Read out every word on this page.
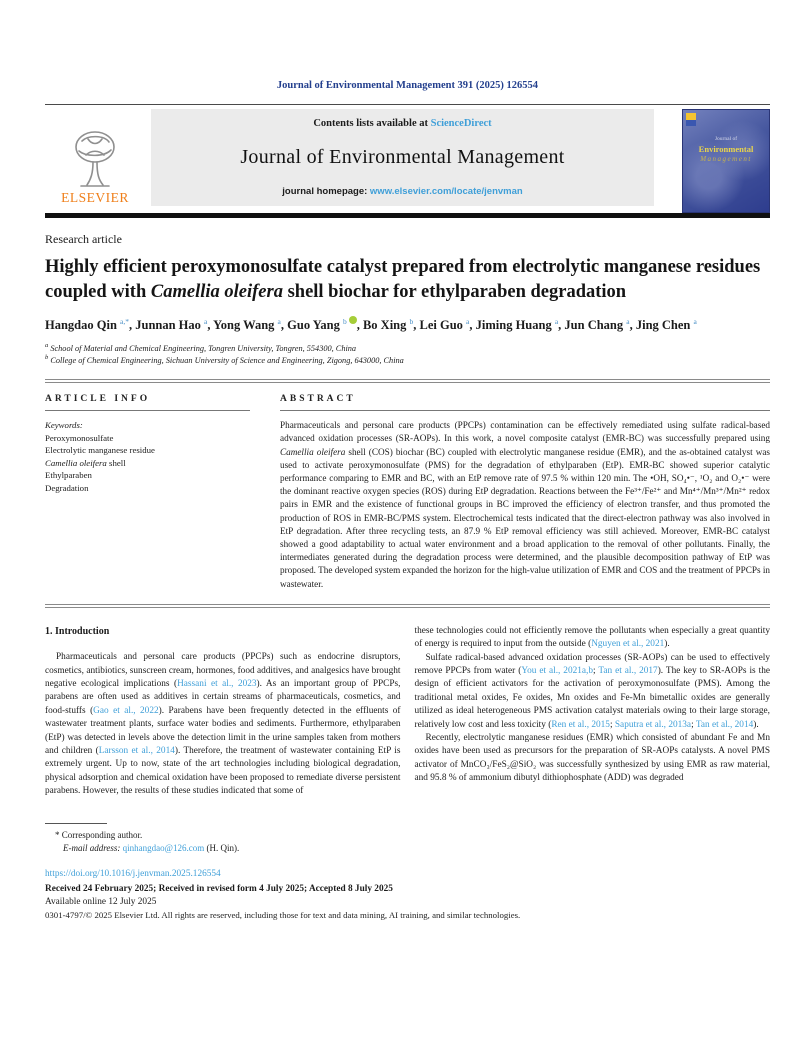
Journal of Environmental Management 391 (2025) 126554
ELSEVIER
Contents lists available at ScienceDirect
Journal of Environmental Management
journal homepage: www.elsevier.com/locate/jenvman
Journal of
Environmental
Management
Research article
Highly efficient peroxymonosulfate catalyst prepared from electrolytic manganese residues coupled with Camellia oleifera shell biochar for ethylparaben degradation
Hangdao Qin $^{a,*}$, Junnan Hao $^a$, Yong Wang $^a$, Guo Yang $^b$ , Bo Xing $^b$, Lei Guo $^a$, Jiming Huang $^a$, Jun Chang $^a$, Jing Chen $^a$
$^a$ School of Material and Chemical Engineering, Tongren University, Tongren, 554300, China
$^b$ College of Chemical Engineering, Sichuan University of Science and Engineering, Zigong, 643000, China
ARTICLE INFO
Keywords:
Peroxymonosulfate
Electrolytic manganese residue
Camellia oleifera shell
Ethylparaben
Degradation
ABSTRACT
Pharmaceuticals and personal care products (PPCPs) contamination can be effectively remediated using sulfate radical-based advanced oxidation processes (SR-AOPs). In this work, a novel composite catalyst (EMR-BC) was successfully prepared using Camellia oleifera shell (COS) biochar (BC) coupled with electrolytic manganese residue (EMR), and the as-obtained catalyst was used to activate peroxymonosulfate (PMS) for the degradation of ethylparaben (EtP). EMR-BC showed superior catalytic performance comparing to EMR and BC, with an EtP remove rate of 97.5 % within 120 min. The •OH, SO₄•⁻, ¹O₂ and O₂•⁻ were the dominant reactive oxygen species (ROS) during EtP degradation. Reactions between the Fe³⁺/Fe²⁺ and Mn⁴⁺/Mn³⁺/Mn²⁺ redox pairs in EMR and the existence of functional groups in BC improved the efficiency of electron transfer, and thus promoted the production of ROS in EMR-BC/PMS system. Electrochemical tests indicated that the direct-electron pathway was also involved in EtP degradation. After three recycling tests, an 87.9 % EtP removal efficiency was still achieved. Moreover, EMR-BC catalyst showed a good adaptability to actual water environment and a broad application to the removal of other pollutants. Finally, the intermediates generated during the degradation process were determined, and the plausible decomposition pathway of EtP was proposed. The developed system expanded the horizon for the high-value utilization of EMR and COS and the treatment of PPCPs in wastewater.
1. Introduction
Pharmaceuticals and personal care products (PPCPs) such as endocrine disruptors, cosmetics, antibiotics, sunscreen cream, hormones, food additives, and analgesics have brought negative ecological implications (Hassani et al., 2023). As an important group of PPCPs, parabens are often used as additives in certain streams of pharmaceuticals, cosmetics, and food-stuffs (Gao et al., 2022). Parabens have been frequently detected in the effluents of wastewater treatment plants, surface water bodies and sediments. Furthermore, ethylparaben (EtP) was detected in levels above the detection limit in the urine samples taken from mothers and children (Larsson et al., 2014). Therefore, the treatment of wastewater containing EtP is extremely urgent. Up to now, state of the art technologies including biological degradation, physical adsorption and chemical oxidation have been proposed to remediate diverse persistent parabens. However, the results of these studies indicated that some of
these technologies could not efficiently remove the pollutants when especially a great quantity of energy is required to input from the outside (Nguyen et al., 2021).
Sulfate radical-based advanced oxidation processes (SR-AOPs) can be used to effectively remove PPCPs from water (You et al., 2021a,b; Tan et al., 2017). The key to SR-AOPs is the design of efficient activators for the activation of peroxymonosulfate (PMS). Among the traditional metal oxides, Fe oxides, Mn oxides and Fe-Mn bimetallic oxides are generally utilized as ideal heterogeneous PMS activation catalyst materials owing to their large storage, relatively low cost and less toxicity (Ren et al., 2015; Saputra et al., 2013a; Tan et al., 2014).
Recently, electrolytic manganese residues (EMR) which consisted of abundant Fe and Mn oxides have been used as precursors for the preparation of SR-AOPs catalysts. A novel PMS activator of MnCO₃/FeS₂@SiO₂ was successfully synthesized by using EMR as raw material, and 95.8 % of ammonium dibutyl dithiophosphate (ADD) was degraded
* Corresponding author.
E-mail address: qinhangdao@126.com (H. Qin).
https://doi.org/10.1016/j.jenvman.2025.126554
Received 24 February 2025; Received in revised form 4 July 2025; Accepted 8 July 2025
Available online 12 July 2025
0301-4797/© 2025 Elsevier Ltd. All rights are reserved, including those for text and data mining, AI training, and similar technologies.
